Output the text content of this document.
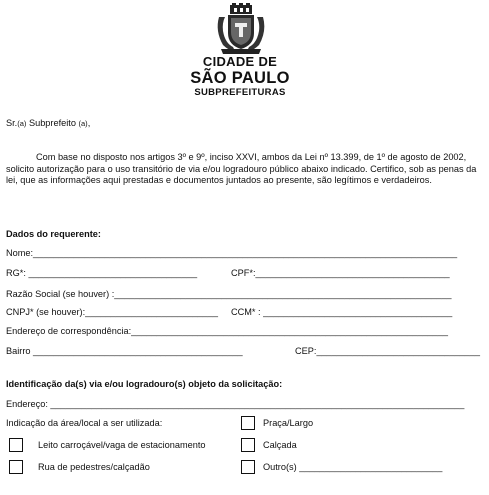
CIDADE DE
SÃO PAULO
SUBPREFEITURAS
Sr.(a) Subprefeito (a),
Com base no disposto nos artigos 3º e 9º, inciso XXVI, ambos da Lei nº 13.399, de 1º de agosto de 2002, solicito autorização para o uso transitório de via e/ou logradouro público abaixo indicado. Certifico, sob as penas da lei, que as informações aqui prestadas e documentos juntados ao presente, são legítimos e verdadeiros.
Dados do requerente:
Nome:___________________________________________________________________________________
RG*: _________________________________	CPF*:______________________________________
Razão Social (se houver) :__________________________________________________________________
CNPJ* (se houver):__________________________ CCM* : _____________________________________
Endereço de correspondência:______________________________________________________________
Bairro _________________________________________	CEP:________________________________
Identificação da(s) via e/ou logradouro(s) objeto da solicitação:
Endereço: _________________________________________________________________________________
Indicação da área/local a ser utilizada:	Praça/Largo
Leito carroçável/vaga de estacionamento	Calçada
Rua de pedestres/calçadão	Outro(s) ____________________________
